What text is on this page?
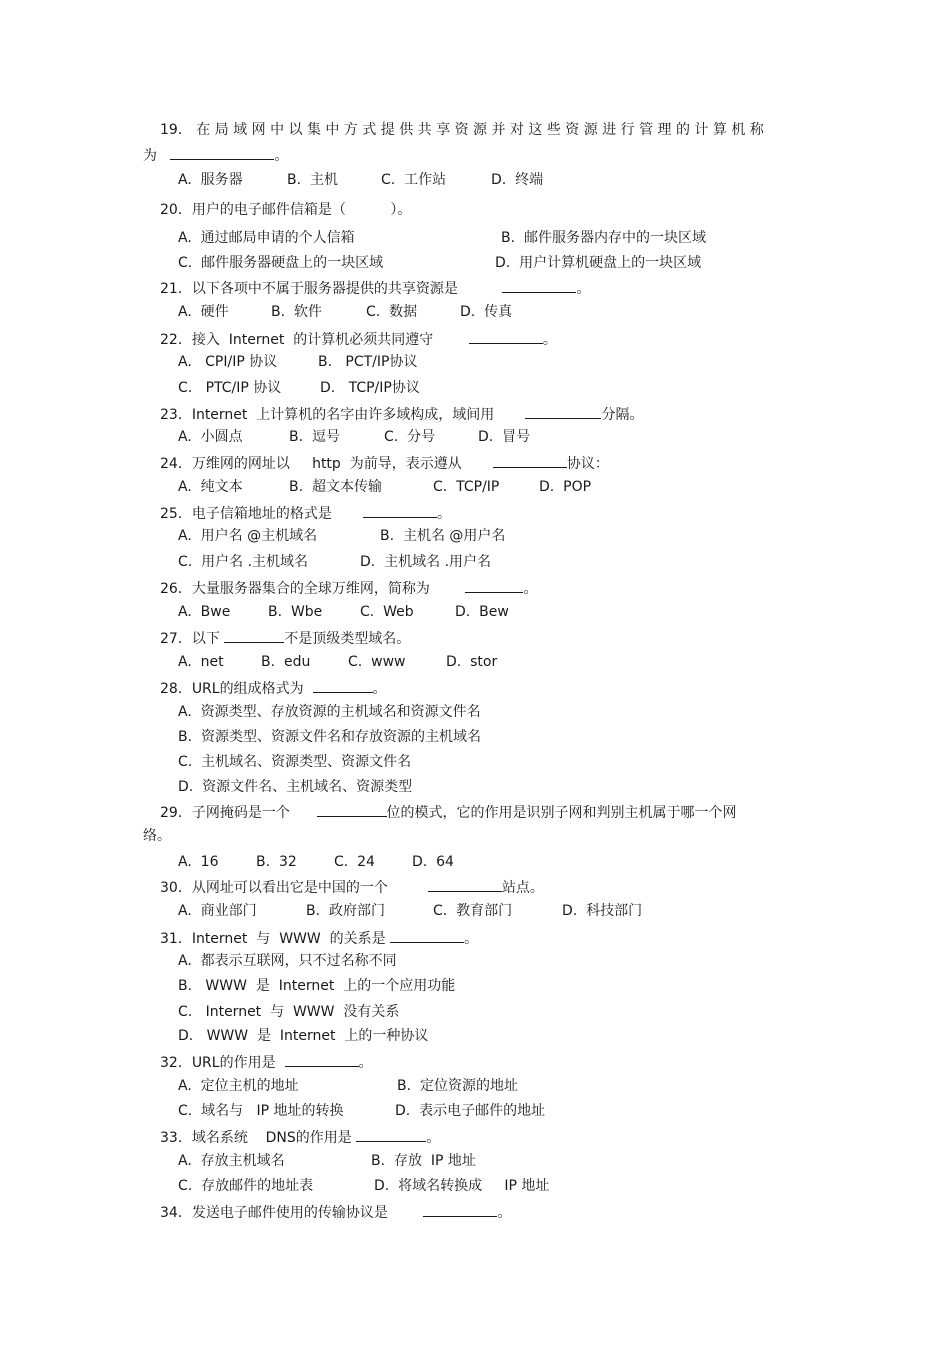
19． 在 局 域 网 中 以 集 中 方 式 提 供 共 享 资 源 并 对 这 些 资 源 进 行 管 理 的 计 算 机 称
为	。
A.  服务器	B.  主机	C.  工作站	D.  终端
20．用户的电子邮件信箱是（          ）。
A.  通过邮局申请的个人信箱	B.  邮件服务器内存中的一块区域
C.  邮件服务器硬盘上的一块区域	D.  用户计算机硬盘上的一块区域
21．以下各项中不属于服务器提供的共享资源是	。
A.  硬件	B.  软件	C.  数据	D.  传真
22．接入  Internet  的计算机必须共同遵守	。
A.   CPI/IP 协议	B.   PCT/IP协议
C.   PTC/IP 协议	D.   TCP/IP协议
23．Internet  上计算机的名字由许多域构成，域间用	分隔。
A.  小圆点	B.  逗号	C.  分号	D.  冒号
24．万维网的网址以     http  为前导，表示遵从	协议：
A.  纯文本	B.  超文本传输	C.  TCP/IP	D.  POP
25．电子信箱地址的格式是	。
A.  用户名 @主机域名	B.  主机名 @用户名
C.  用户名 .主机域名	D.  主机域名 .用户名
26．大量服务器集合的全球万维网，简称为	。
A.  Bwe	B.  Wbe	C.  Web	D.  Bew
27．以下	不是顶级类型域名。
A.  net	B.  edu	C.  www	D.  stor
28．URL的组成格式为	。
A.  资源类型、存放资源的主机域名和资源文件名
B.  资源类型、资源文件名和存放资源的主机域名
C.  主机域名、资源类型、资源文件名
D.  资源文件名、主机域名、资源类型
29．子网掩码是一个	位的模式，它的作用是识别子网和判别主机属于哪一个网
络。
A.  16	B.  32	C.  24	D.  64
30．从网址可以看出它是中国的一个	站点。
A.  商业部门	B.  政府部门	C.  教育部门	D.  科技部门
31．Internet  与  WWW  的关系是	。
A.  都表示互联网，只不过名称不同
B.   WWW  是  Internet  上的一个应用功能
C.   Internet  与  WWW  没有关系
D.   WWW  是  Internet  上的一种协议
32．URL的作用是	。
A.  定位主机的地址	B.  定位资源的地址
C.  域名与   IP 地址的转换	D.  表示电子邮件的地址
33．域名系统    DNS的作用是	。
A.  存放主机域名	B.  存放  IP 地址
C.  存放邮件的地址表	D.  将域名转换成     IP 地址
34．发送电子邮件使用的传输协议是	。
